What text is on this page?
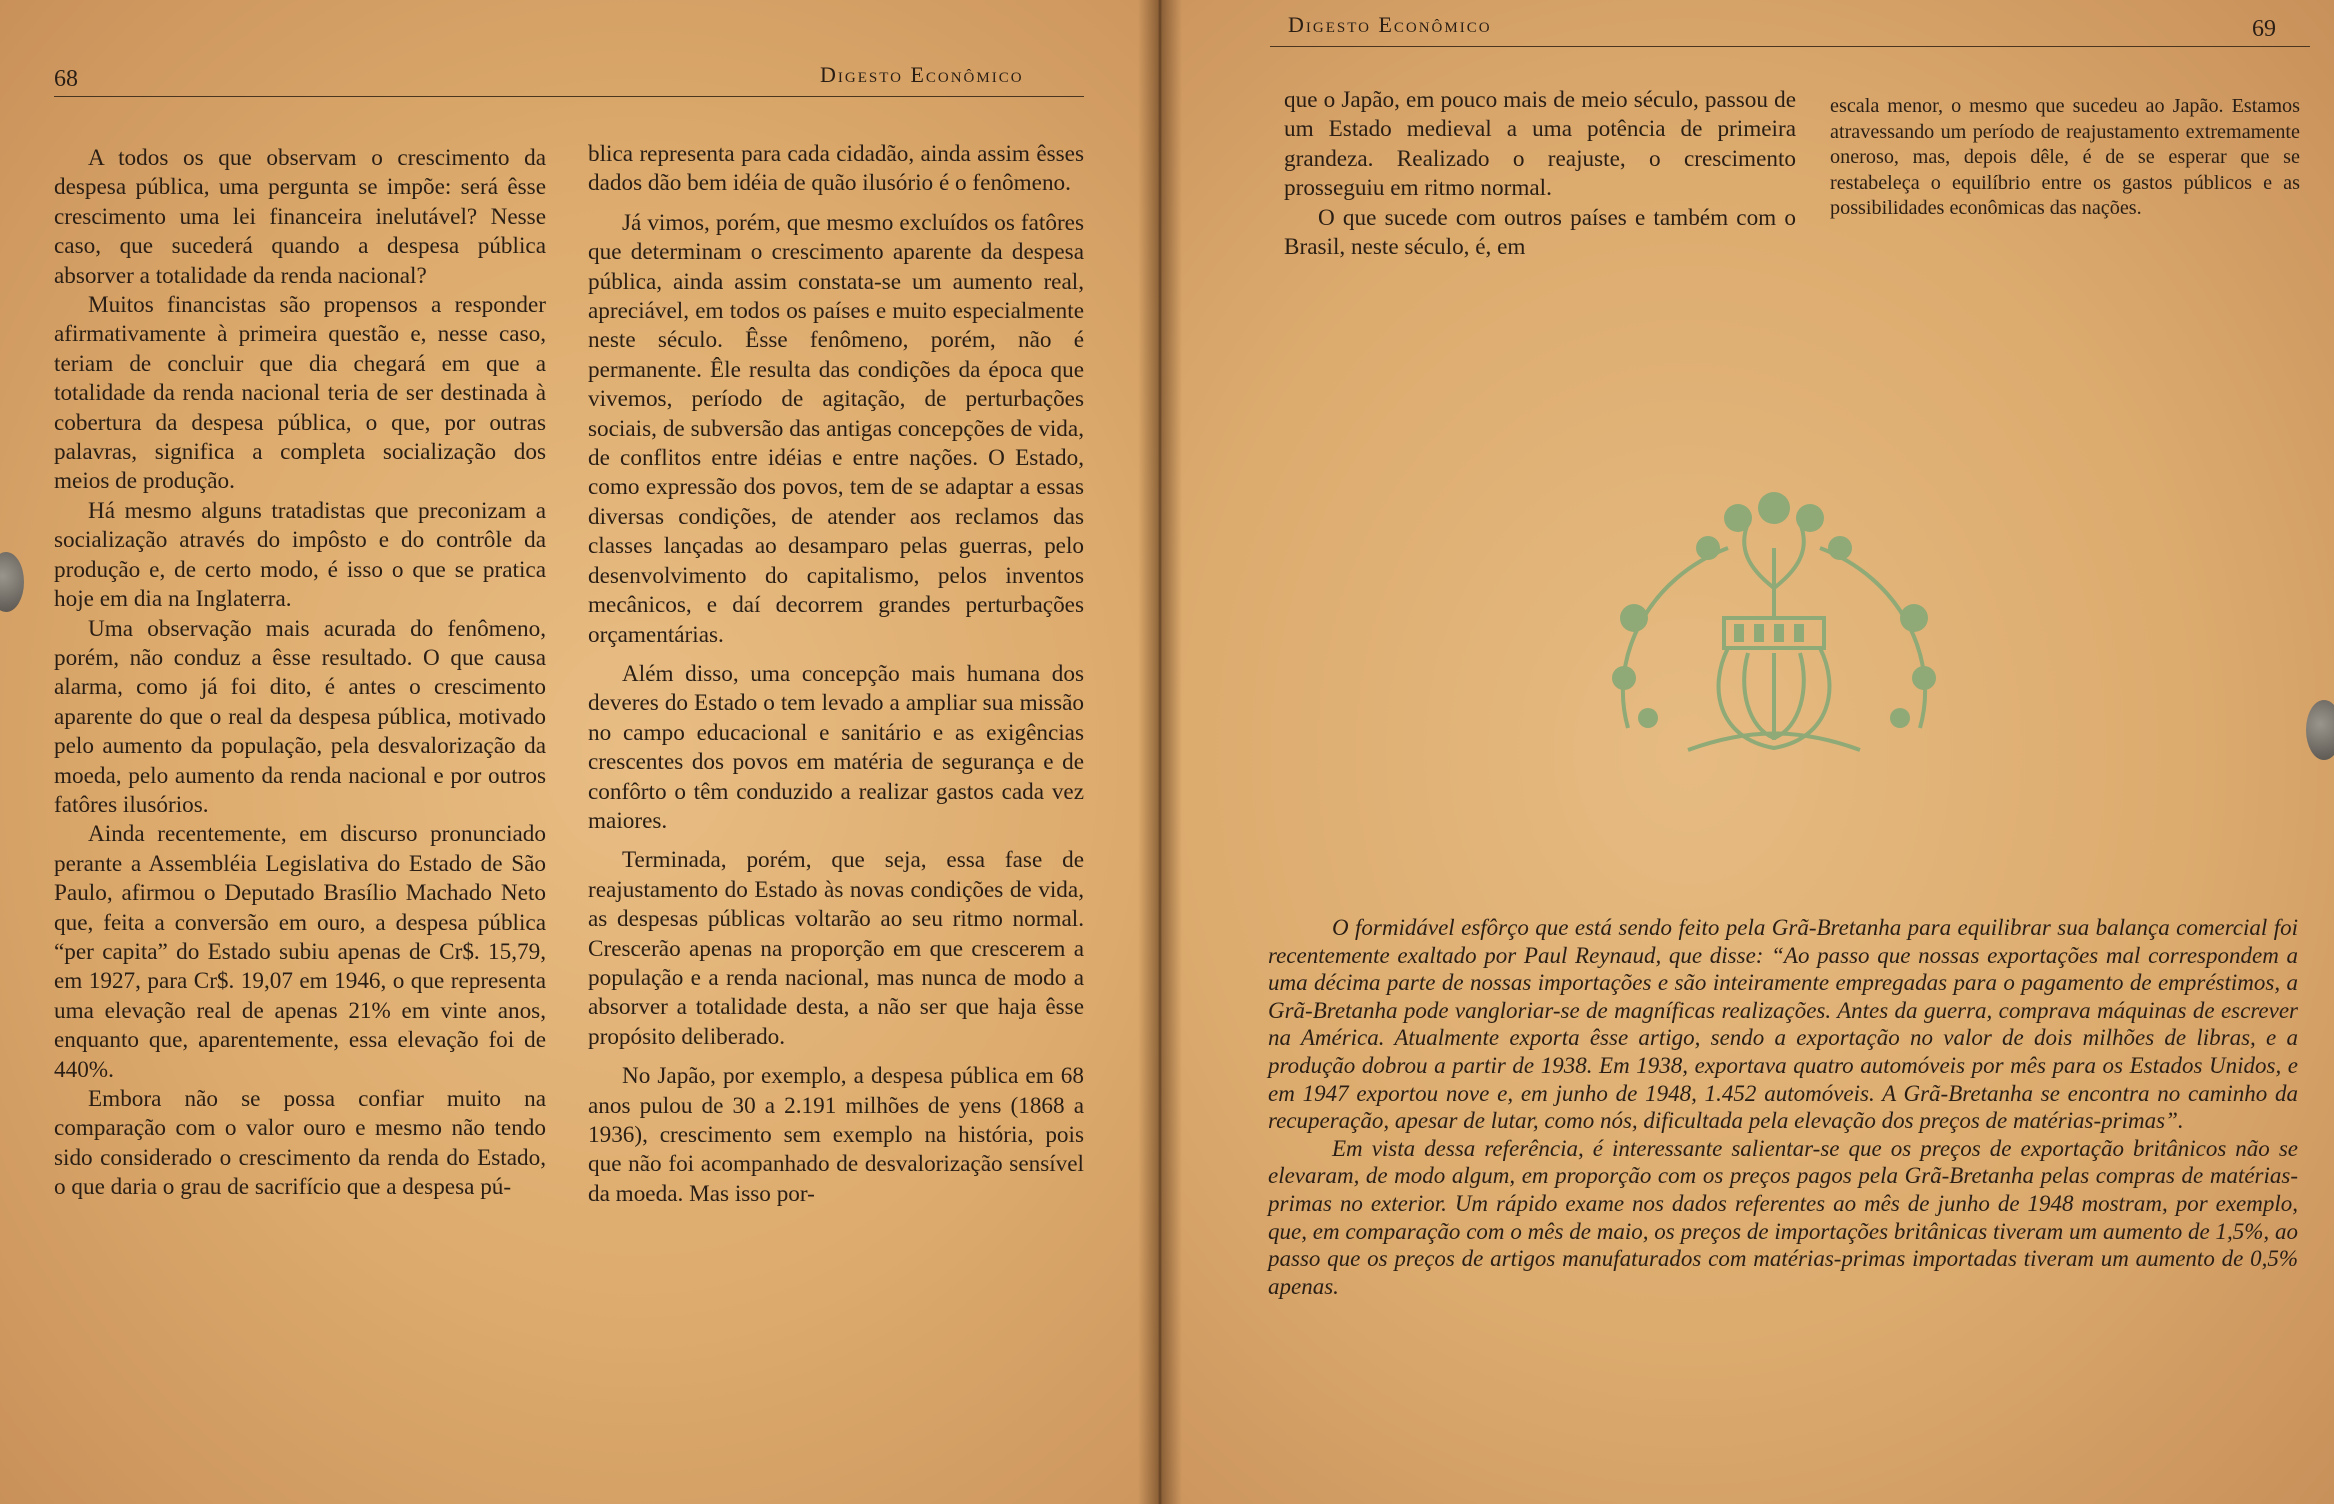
68	Digesto Econômico

A todos os que observam o crescimento da despesa pública, uma pergunta se impõe: será êsse crescimento uma lei financeira inelutável? Nesse caso, que sucederá quando a despesa pública absorver a totalidade da renda nacional?

Muitos financistas são propensos a responder afirmativamente à primeira questão e, nesse caso, teriam de concluir que dia chegará em que a totalidade da renda nacional teria de ser destinada à cobertura da despesa pública, o que, por outras palavras, significa a completa socialização dos meios de produção.

Há mesmo alguns tratadistas que preconizam a socialização através do impôsto e do contrôle da produção e, de certo modo, é isso o que se pratica hoje em dia na Inglaterra.

Uma observação mais acurada do fenômeno, porém, não conduz a êsse resultado. O que causa alarma, como já foi dito, é antes o crescimento aparente do que o real da despesa pública, motivado pelo aumento da população, pela desvalorização da moeda, pelo aumento da renda nacional e por outros fatôres ilusórios.

Ainda recentemente, em discurso pronunciado perante a Assembléia Legislativa do Estado de São Paulo, afirmou o Deputado Brasílio Machado Neto que, feita a conversão em ouro, a despesa pública “per capita” do Estado subiu apenas de Cr$. 15,79, em 1927, para Cr$. 19,07 em 1946, o que representa uma elevação real de apenas 21% em vinte anos, enquanto que, aparentemente, essa elevação foi de 440%.

Embora não se possa confiar muito na comparação com o valor ouro e mesmo não tendo sido considerado o crescimento da renda do Estado, o que daria o grau de sacrifício que a despesa pú-

blica representa para cada cidadão, ainda assim êsses dados dão bem idéia de quão ilusório é o fenômeno.

Já vimos, porém, que mesmo excluídos os fatôres que determinam o crescimento aparente da despesa pública, ainda assim constata-se um aumento real, apreciável, em todos os países e muito especialmente neste século. Êsse fenômeno, porém, não é permanente. Êle resulta das condições da época que vivemos, período de agitação, de perturbações sociais, de subversão das antigas concepções de vida, de conflitos entre idéias e entre nações. O Estado, como expressão dos povos, tem de se adaptar a essas diversas condições, de atender aos reclamos das classes lançadas ao desamparo pelas guerras, pelo desenvolvimento do capitalismo, pelos inventos mecânicos, e daí decorrem grandes perturbações orçamentárias.

Além disso, uma concepção mais humana dos deveres do Estado o tem levado a ampliar sua missão no campo educacional e sanitário e as exigências crescentes dos povos em matéria de segurança e de confôrto o têm conduzido a realizar gastos cada vez maiores.

Terminada, porém, que seja, essa fase de reajustamento do Estado às novas condições de vida, as despesas públicas voltarão ao seu ritmo normal. Crescerão apenas na proporção em que crescerem a população e a renda nacional, mas nunca de modo a absorver a totalidade desta, a não ser que haja êsse propósito deliberado.

No Japão, por exemplo, a despesa pública em 68 anos pulou de 30 a 2.191 milhões de yens (1868 a 1936), crescimento sem exemplo na história, pois que não foi acompanhado de desvalorização sensível da moeda. Mas isso por-

Digesto Econômico	69

que o Japão, em pouco mais de meio século, passou de um Estado medieval a uma potência de primeira grandeza. Realizado o reajuste, o crescimento prosseguiu em ritmo normal.

O que sucede com outros países e também com o Brasil, neste século, é, em

escala menor, o mesmo que sucedeu ao Japão. Estamos atravessando um período de reajustamento extremamente oneroso, mas, depois dêle, é de se esperar que se restabeleça o equilíbrio entre os gastos públicos e as possibilidades econômicas das nações.

O formidável esfôrço que está sendo feito pela Grã-Bretanha para equilibrar sua balança comercial foi recentemente exaltado por Paul Reynaud, que disse: “Ao passo que nossas exportações mal correspondem a uma décima parte de nossas importações e são inteiramente empregadas para o pagamento de empréstimos, a Grã-Bretanha pode vangloriar-se de magníficas realizações. Antes da guerra, comprava máquinas de escrever na América. Atualmente exporta êsse artigo, sendo a exportação no valor de dois milhões de libras, e a produção dobrou a partir de 1938. Em 1938, exportava quatro automóveis por mês para os Estados Unidos, e em 1947 exportou nove e, em junho de 1948, 1.452 automóveis. A Grã-Bretanha se encontra no caminho da recuperação, apesar de lutar, como nós, dificultada pela elevação dos preços de matérias-primas”.

Em vista dessa referência, é interessante salientar-se que os preços de exportação britânicos não se elevaram, de modo algum, em proporção com os preços pagos pela Grã-Bretanha pelas compras de matérias-primas no exterior. Um rápido exame nos dados referentes ao mês de junho de 1948 mostram, por exemplo, que, em comparação com o mês de maio, os preços de importações britânicas tiveram um aumento de 1,5%, ao passo que os preços de artigos manufaturados com matérias-primas importadas tiveram um aumento de 0,5% apenas.
